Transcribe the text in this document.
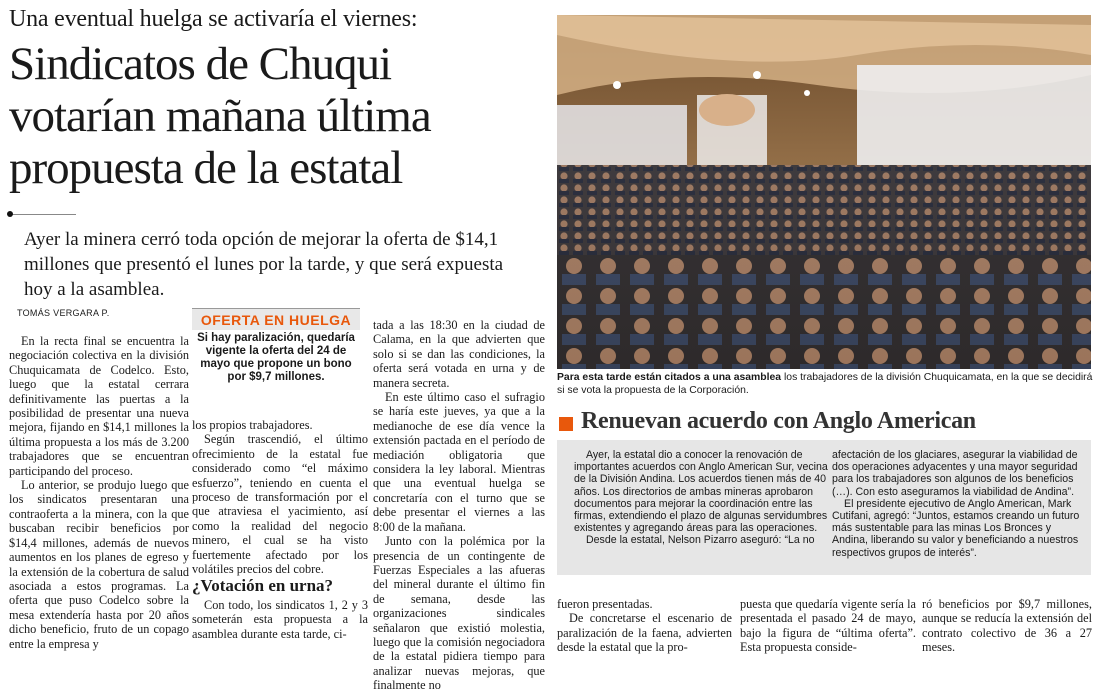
Una eventual huelga se activaría el viernes:
Sindicatos de Chuqui votarían mañana última propuesta de la estatal
Ayer la minera cerró toda opción de mejorar la oferta de $14,1 millones que presentó el lunes por la tarde, y que será expuesta hoy a la asamblea.
TOMÁS VERGARA P.

En la recta final se encuentra la negociación colectiva en la división Chuquicamata de Codelco. Esto, luego que la estatal cerrara definitivamente las puertas a la posibilidad de presentar una nueva mejora, fijando en $14,1 millones la última propuesta a los más de 3.200 trabajadores que se encuentran participando del proceso.

Lo anterior, se produjo luego que los sindicatos presentaran una contraoferta a la minera, con la que buscaban recibir beneficios por $14,4 millones, además de nuevos aumentos en los planes de egreso y la extensión de la cobertura de salud asociada a estos programas. La oferta que puso Codelco sobre la mesa extendería hasta por 20 años dicho beneficio, fruto de un copago entre la empresa y

OFERTA EN HUELGA
Si hay paralización, quedaría vigente la oferta del 24 de mayo que propone un bono por $9,7 millones.

los propios trabajadores.

Según trascendió, el último ofrecimiento de la estatal fue considerado como “el máximo esfuerzo”, teniendo en cuenta el proceso de transformación por el que atraviesa el yacimiento, así como la realidad del negocio minero, el cual se ha visto fuertemente afectado por los volátiles precios del cobre.

¿Votación en urna?

Con todo, los sindicatos 1, 2 y 3 someterán esta propuesta a la asamblea durante esta tarde, ci-

tada a las 18:30 en la ciudad de Calama, en la que advierten que solo si se dan las condiciones, la oferta será votada en urna y de manera secreta.

En este último caso el sufragio se haría este jueves, ya que a la medianoche de ese día vence la extensión pactada en el período de mediación obligatoria que considera la ley laboral. Mientras que una eventual huelga se concretaría con el turno que se debe presentar el viernes a las 8:00 de la mañana.

Junto con la polémica por la presencia de un contingente de Fuerzas Especiales a las afueras del mineral durante el último fin de semana, desde las organizaciones sindicales señalaron que existió molestia, luego que la comisión negociadora de la estatal pidiera tiempo para analizar nuevas mejoras, que finalmente no

Para esta tarde están citados a una asamblea los trabajadores de la división Chuquicamata, en la que se decidirá si se vota la propuesta de la Corporación.
Renuevan acuerdo con Anglo American

Ayer, la estatal dio a conocer la renovación de importantes acuerdos con Anglo American Sur, vecina de la División Andina. Los acuerdos tienen más de 40 años. Los directorios de ambas mineras aprobaron documentos para mejorar la coordinación entre las firmas, extendiendo el plazo de algunas servidumbres existentes y agregando áreas para las operaciones.

Desde la estatal, Nelson Pizarro aseguró: “La no

afectación de los glaciares, asegurar la viabilidad de dos operaciones adyacentes y una mayor seguridad para los trabajadores son algunos de los beneficios (…). Con esto aseguramos la viabilidad de Andina”.

El presidente ejecutivo de Anglo American, Mark Cutifani, agregó: “Juntos, estamos creando un futuro más sustentable para las minas Los Bronces y Andina, liberando su valor y beneficiando a nuestros respectivos grupos de interés”.

fueron presentadas.

De concretarse el escenario de paralización de la faena, advierten desde la estatal que la pro-

puesta que quedaría vigente sería la presentada el pasado 24 de mayo, bajo la figura de “última oferta”. Esta propuesta conside-

ró beneficios por $9,7 millones, aunque se reducía la extensión del contrato colectivo de 36 a 27 meses.
